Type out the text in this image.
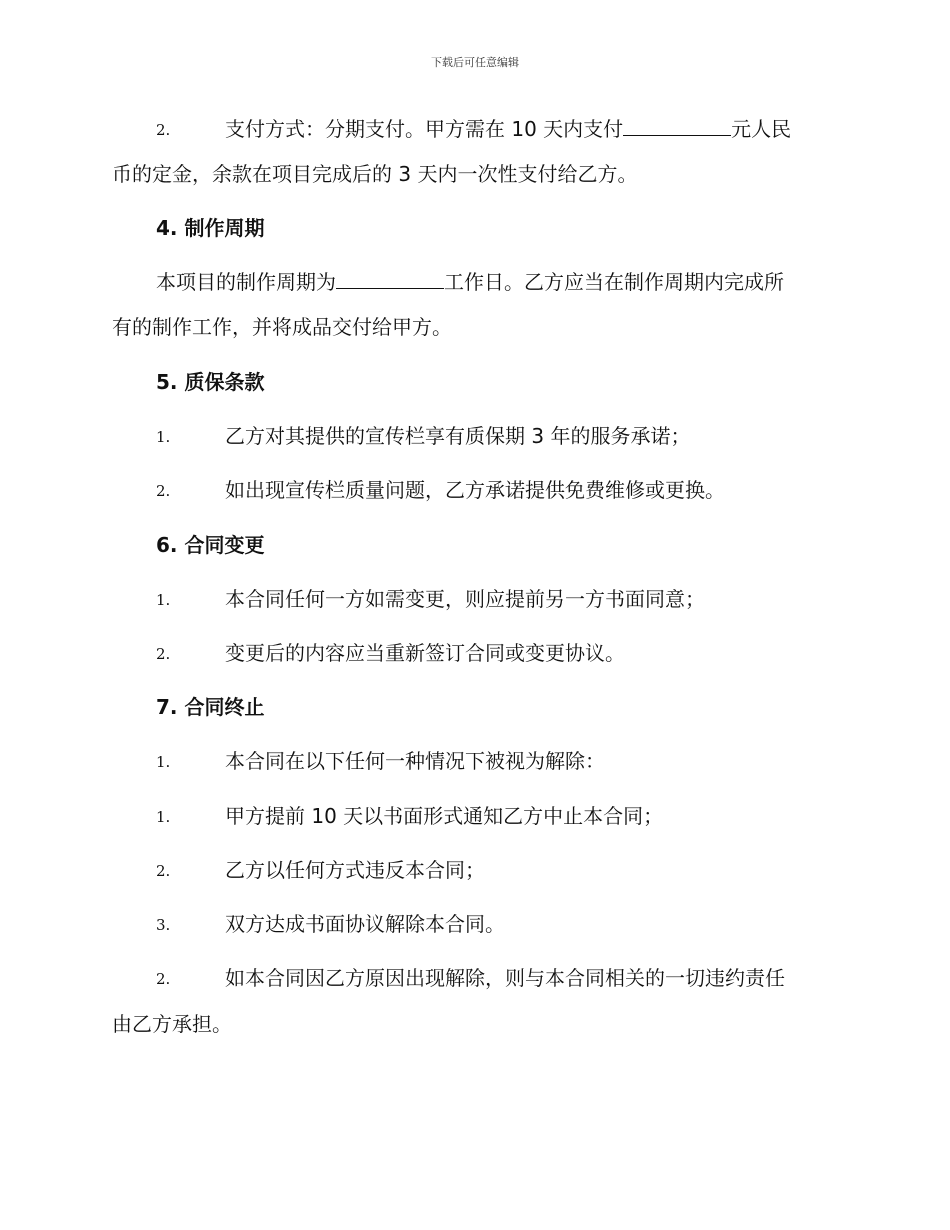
下载后可任意编辑
2.	支付方式：分期支付。甲方需在 10 天内支付	元人民
币的定金，余款在项目完成后的 3 天内一次性支付给乙方。
4. 制作周期
本项目的制作周期为	工作日。乙方应当在制作周期内完成所
有的制作工作，并将成品交付给甲方。
5. 质保条款
1.	乙方对其提供的宣传栏享有质保期 3 年的服务承诺；
2.	如出现宣传栏质量问题，乙方承诺提供免费维修或更换。
6. 合同变更
1.	本合同任何一方如需变更，则应提前另一方书面同意；
2.	变更后的内容应当重新签订合同或变更协议。
7. 合同终止
1.	本合同在以下任何一种情况下被视为解除：
1.	甲方提前 10 天以书面形式通知乙方中止本合同；
2.	乙方以任何方式违反本合同；
3.	双方达成书面协议解除本合同。
2.	如本合同因乙方原因出现解除，则与本合同相关的一切违约责任
由乙方承担。
